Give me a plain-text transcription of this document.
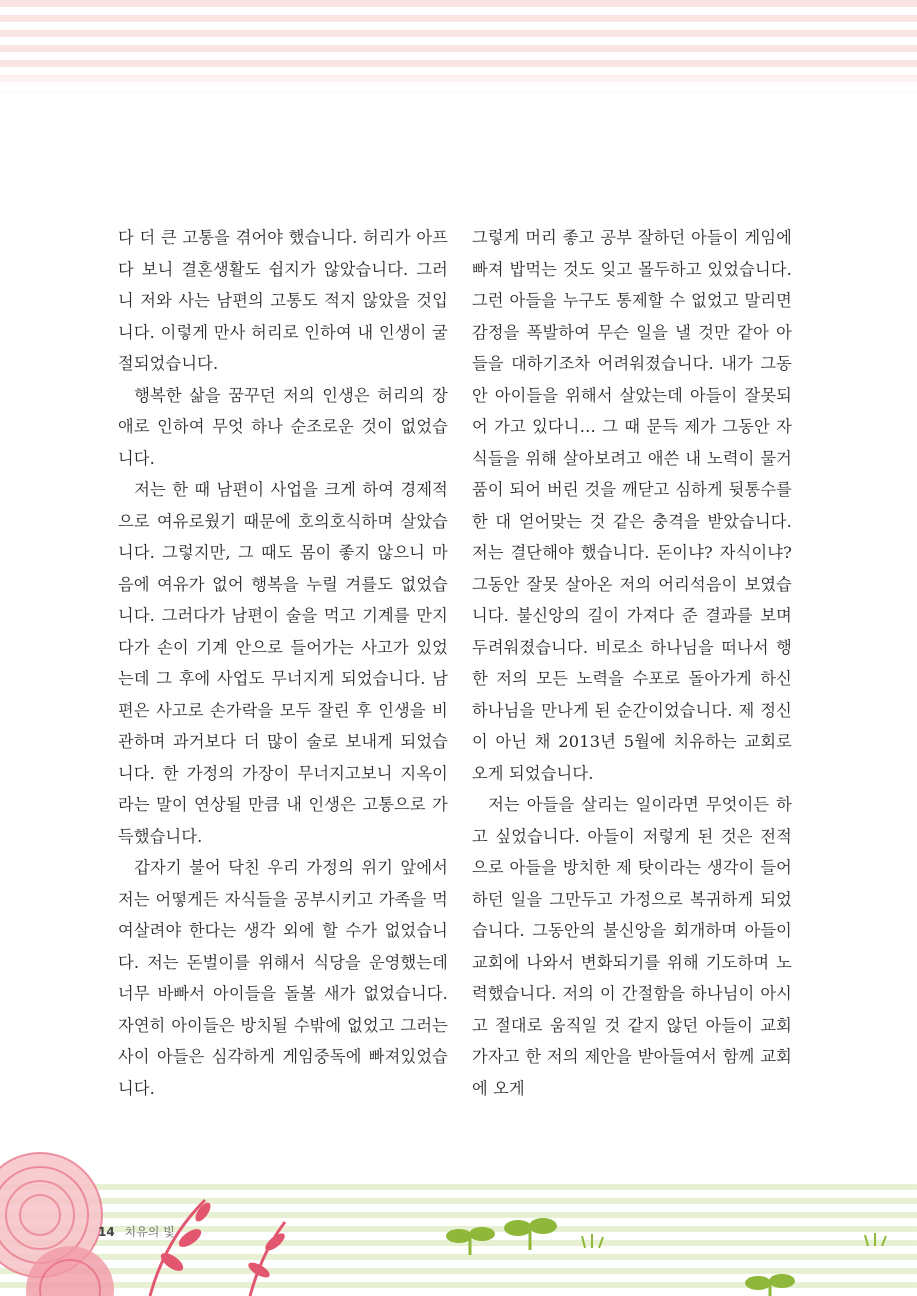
다 더 큰 고통을 겪어야 했습니다. 허리가 아프다 보니 결혼생활도 쉽지가 않았습니다. 그러니 저와 사는 남편의 고통도 적지 않았을 것입니다. 이렇게 만사 허리로 인하여 내 인생이 굴절되었습니다.

행복한 삶을 꿈꾸던 저의 인생은 허리의 장애로 인하여 무엇 하나 순조로운 것이 없었습니다.

저는 한 때 남편이 사업을 크게 하여 경제적으로 여유로웠기 때문에 호의호식하며 살았습니다. 그렇지만, 그 때도 몸이 좋지 않으니 마음에 여유가 없어 행복을 누릴 겨를도 없었습니다. 그러다가 남편이 술을 먹고 기계를 만지다가 손이 기계 안으로 들어가는 사고가 있었는데 그 후에 사업도 무너지게 되었습니다. 남편은 사고로 손가락을 모두 잘린 후 인생을 비관하며 과거보다 더 많이 술로 보내게 되었습니다. 한 가정의 가장이 무너지고보니 지옥이라는 말이 연상될 만큼 내 인생은 고통으로 가득했습니다.

갑자기 불어 닥친 우리 가정의 위기 앞에서 저는 어떻게든 자식들을 공부시키고 가족을 먹여살려야 한다는 생각 외에 할 수가 없었습니다. 저는 돈벌이를 위해서 식당을 운영했는데 너무 바빠서 아이들을 돌볼 새가 없었습니다. 자연히 아이들은 방치될 수밖에 없었고 그러는 사이 아들은 심각하게 게임중독에 빠져있었습니다.

그렇게 머리 좋고 공부 잘하던 아들이 게임에 빠져 밥먹는 것도 잊고 몰두하고 있었습니다. 그런 아들을 누구도 통제할 수 없었고 말리면 감정을 폭발하여 무슨 일을 낼 것만 같아 아들을 대하기조차 어려워졌습니다. 내가 그동안 아이들을 위해서 살았는데 아들이 잘못되어 가고 있다니… 그 때 문득 제가 그동안 자식들을 위해 살아보려고 애쓴 내 노력이 물거품이 되어 버린 것을 깨닫고 심하게 뒷통수를 한 대 얻어맞는 것 같은 충격을 받았습니다. 저는 결단해야 했습니다. 돈이냐? 자식이냐? 그동안 잘못 살아온 저의 어리석음이 보였습니다. 불신앙의 길이 가져다 준 결과를 보며 두려워졌습니다. 비로소 하나님을 떠나서 행한 저의 모든 노력을 수포로 돌아가게 하신 하나님을 만나게 된 순간이었습니다. 제 정신이 아닌 채 2013년 5월에 치유하는 교회로 오게 되었습니다.

저는 아들을 살리는 일이라면 무엇이든 하고 싶었습니다. 아들이 저렇게 된 것은 전적으로 아들을 방치한 제 탓이라는 생각이 들어 하던 일을 그만두고 가정으로 복귀하게 되었습니다. 그동안의 불신앙을 회개하며 아들이 교회에 나와서 변화되기를 위해 기도하며 노력했습니다. 저의 이 간절함을 하나님이 아시고 절대로 움직일 것 같지 않던 아들이 교회 가자고 한 저의 제안을 받아들여서 함께 교회에 오게

14 치유의 빛
